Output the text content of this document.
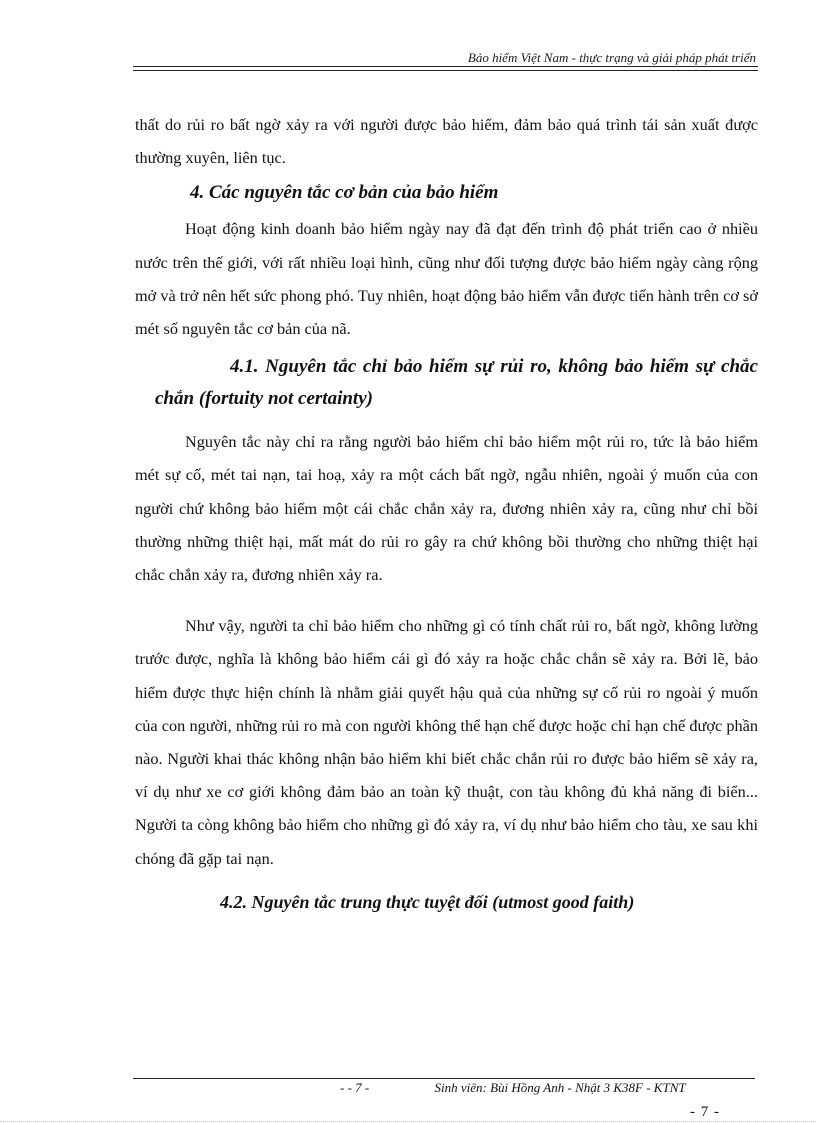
Bảo hiểm Việt Nam - thực trạng và giải pháp phát triển

thất do rủi ro bất ngờ xảy ra với người được bảo hiểm, đảm bảo quá trình tái sản xuất được thường xuyên, liên tục.

4. Các nguyên tắc cơ bản của bảo hiểm

Hoạt động kinh doanh bảo hiểm ngày nay đã đạt đến trình độ phát triển cao ở nhiều nước trên thế giới, với rất nhiều loại hình, cũng như đối tượng được bảo hiểm ngày càng rộng mở và trở nên hết sức phong phó. Tuy nhiên, hoạt động bảo hiểm vẫn được tiến hành trên cơ sở mét số nguyên tắc cơ bản của nã.

4.1. Nguyên tắc chỉ bảo hiểm sự rủi ro, không bảo hiểm sự chắc chắn (fortuity not certainty)

Nguyên tắc này chỉ ra rằng người bảo hiểm chỉ bảo hiểm một rủi ro, tức là bảo hiểm mét sự cố, mét tai nạn, tai hoạ, xảy ra một cách bất ngờ, ngẫu nhiên, ngoài ý muốn của con người chứ không bảo hiểm một cái chắc chắn xảy ra, đương nhiên xảy ra, cũng như chỉ bồi thường những thiệt hại, mất mát do rủi ro gây ra chứ không bồi thường cho những thiệt hại chắc chắn xảy ra, đương nhiên xảy ra.

Như vậy, người ta chỉ bảo hiểm cho những gì có tính chất rủi ro, bất ngờ, không lường trước được, nghĩa là không bảo hiểm cái gì đó xảy ra hoặc chắc chắn sẽ xảy ra. Bởi lẽ, bảo hiểm được thực hiện chính là nhằm giải quyết hậu quả của những sự cố rủi ro ngoài ý muốn của con người, những rủi ro mà con người không thể hạn chế được hoặc chỉ hạn chế được phần nào. Người khai thác không nhận bảo hiểm khi biết chắc chắn rủi ro được bảo hiểm sẽ xảy ra, ví dụ như xe cơ giới không đảm bảo an toàn kỹ thuật, con tàu không đủ khả năng đi biển... Người ta còng không bảo hiểm cho những gì đó xảy ra, ví dụ như bảo hiểm cho tàu, xe sau khi chóng đã gặp tai nạn.

4.2. Nguyên tắc trung thực tuyệt đối (utmost good faith)
- - 7 -	Sinh viên: Bùi Hồng Anh - Nhật 3 K38F - KTNT
- 7 -
